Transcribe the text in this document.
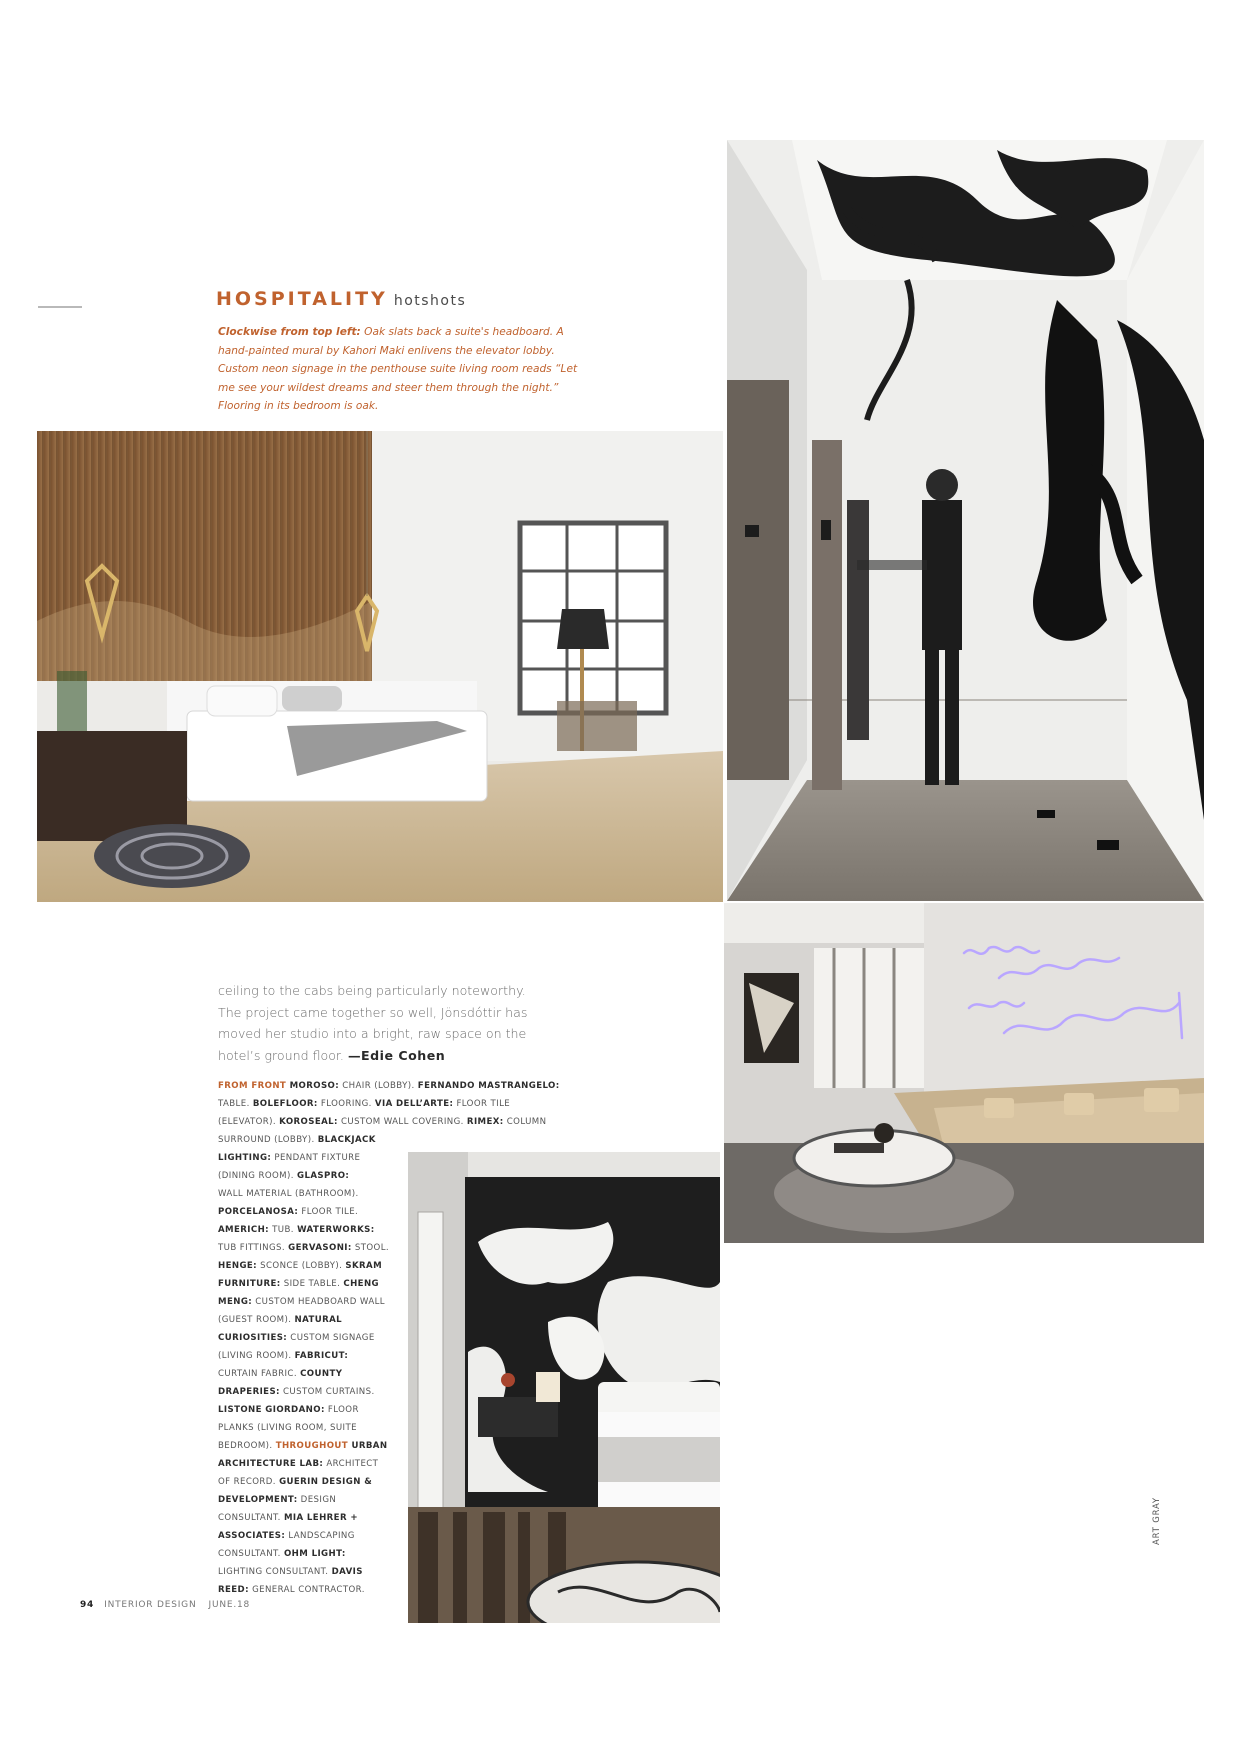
HOSPITALITY hotshots
Clockwise from top left: Oak slats back a suite's headboard. A hand-painted mural by Kahori Maki enlivens the elevator lobby. Custom neon signage in the penthouse suite living room reads “Let me see your wildest dreams and steer them through the night.” Flooring in its bedroom is oak.
ceiling to the cabs being particularly noteworthy. The project came together so well, Jönsdóttir has moved her studio into a bright, raw space on the hotel’s ground floor. —Edie Cohen
FROM FRONT MOROSO: CHAIR (LOBBY). FERNANDO MASTRANGELO:
TABLE. BOLEFLOOR: FLOORING. VIA DELL’ARTE: FLOOR TILE
(ELEVATOR). KOROSEAL: CUSTOM WALL COVERING. RIMEX: COLUMN
SURROUND (LOBBY). BLACKJACK
LIGHTING: PENDANT FIXTURE
(DINING ROOM). GLASPRO:
WALL MATERIAL (BATHROOM).
PORCELANOSA: FLOOR TILE.
AMERICH: TUB. WATERWORKS:
TUB FITTINGS. GERVASONI: STOOL.
HENGE: SCONCE (LOBBY). SKRAM
FURNITURE: SIDE TABLE. CHENG
MENG: CUSTOM HEADBOARD WALL
(GUEST ROOM). NATURAL
CURIOSITIES: CUSTOM SIGNAGE
(LIVING ROOM). FABRICUT:
CURTAIN FABRIC. COUNTY
DRAPERIES: CUSTOM CURTAINS.
LISTONE GIORDANO: FLOOR
PLANKS (LIVING ROOM, SUITE
BEDROOM). THROUGHOUT URBAN
ARCHITECTURE LAB: ARCHITECT
OF RECORD. GUERIN DESIGN &
DEVELOPMENT: DESIGN
CONSULTANT. MIA LEHRER +
ASSOCIATES: LANDSCAPING
CONSULTANT. OHM LIGHT:
LIGHTING CONSULTANT. DAVIS
REED: GENERAL CONTRACTOR.
94 INTERIOR DESIGN JUNE.18
ART GRAY
